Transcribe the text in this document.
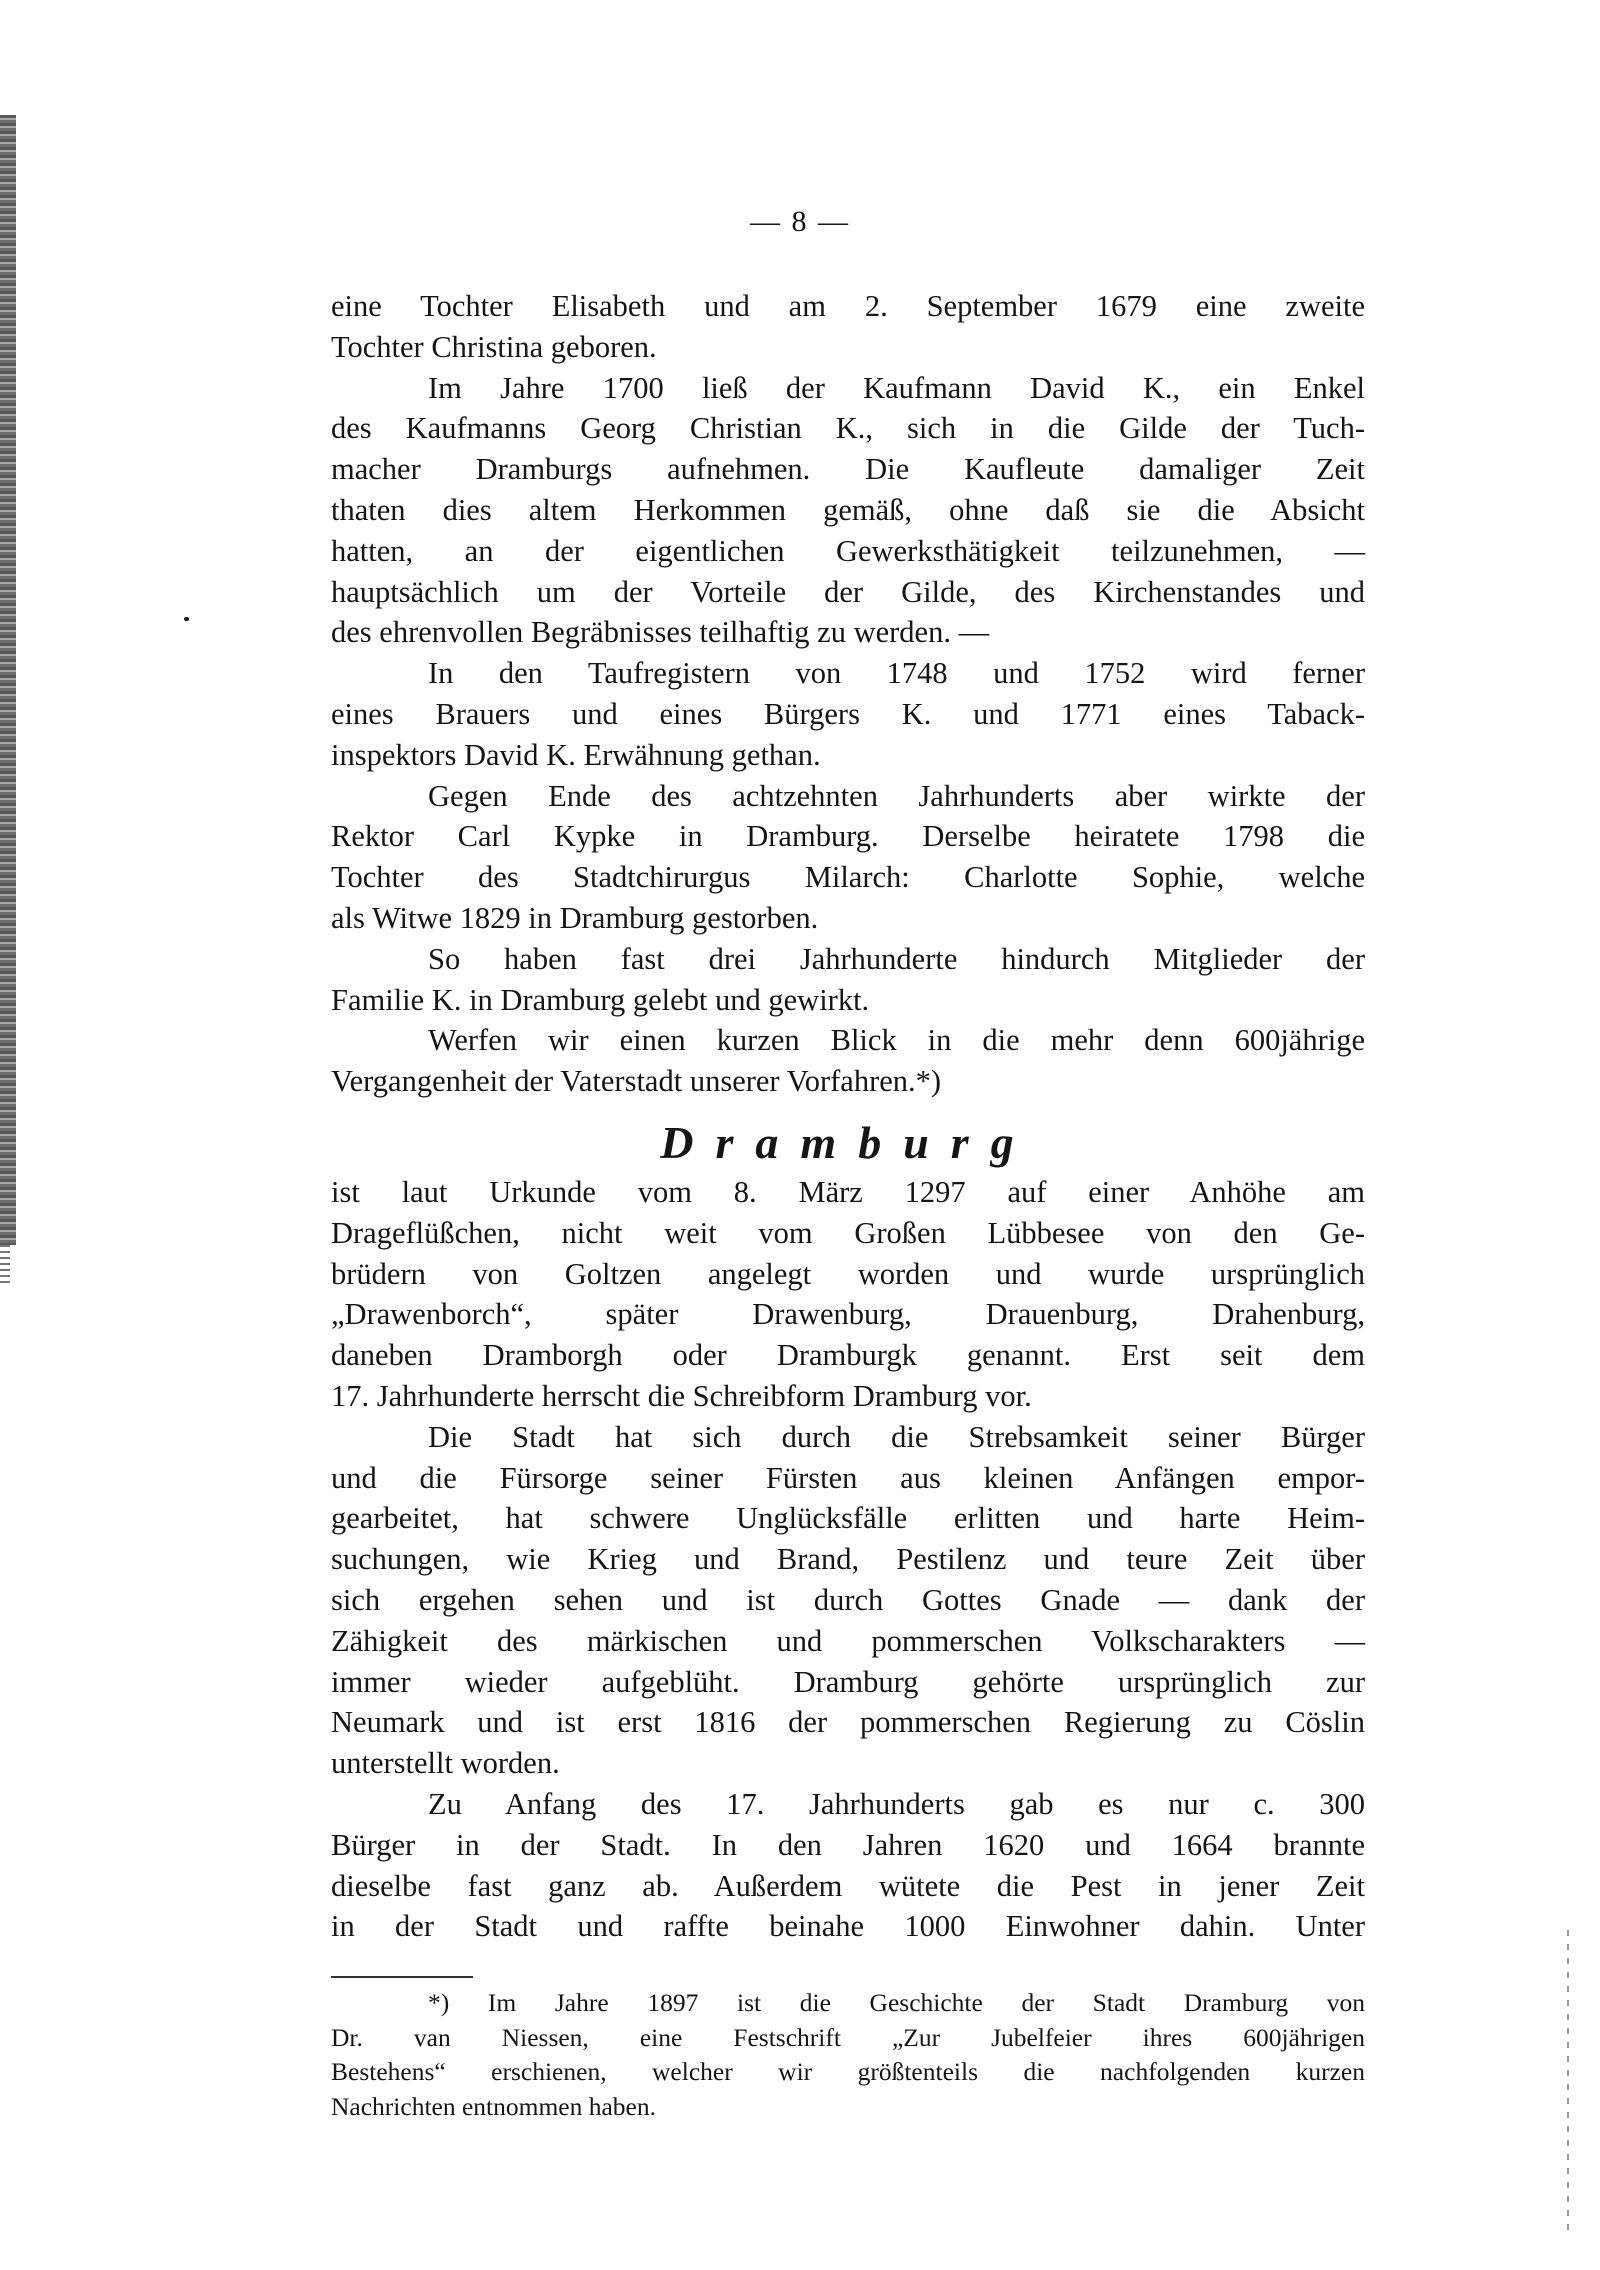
— 8 —
eine Tochter Elisabeth und am 2. September 1679 eine zweite
Tochter Christina geboren.
Im Jahre 1700 ließ der Kaufmann David K., ein Enkel
des Kaufmanns Georg Christian K., sich in die Gilde der Tuch-
macher Dramburgs aufnehmen. Die Kaufleute damaliger Zeit
thaten dies altem Herkommen gemäß, ohne daß sie die Absicht
hatten, an der eigentlichen Gewerksthätigkeit teilzunehmen, —
hauptsächlich um der Vorteile der Gilde, des Kirchenstandes und
des ehrenvollen Begräbnisses teilhaftig zu werden. —
In den Taufregistern von 1748 und 1752 wird ferner
eines Brauers und eines Bürgers K. und 1771 eines Taback-
inspektors David K. Erwähnung gethan.
Gegen Ende des achtzehnten Jahrhunderts aber wirkte der
Rektor Carl Kypke in Dramburg. Derselbe heiratete 1798 die
Tochter des Stadtchirurgus Milarch: Charlotte Sophie, welche
als Witwe 1829 in Dramburg gestorben.
So haben fast drei Jahrhunderte hindurch Mitglieder der
Familie K. in Dramburg gelebt und gewirkt.
Werfen wir einen kurzen Blick in die mehr denn 600jährige
Vergangenheit der Vaterstadt unserer Vorfahren.*)
Dramburg
ist laut Urkunde vom 8. März 1297 auf einer Anhöhe am
Drageflüßchen, nicht weit vom Großen Lübbesee von den Ge-
brüdern von Goltzen angelegt worden und wurde ursprünglich
„Drawenborch“, später Drawenburg, Drauenburg, Drahenburg,
daneben Dramborgh oder Dramburgk genannt. Erst seit dem
17. Jahrhunderte herrscht die Schreibform Dramburg vor.
Die Stadt hat sich durch die Strebsamkeit seiner Bürger
und die Fürsorge seiner Fürsten aus kleinen Anfängen empor-
gearbeitet, hat schwere Unglücksfälle erlitten und harte Heim-
suchungen, wie Krieg und Brand, Pestilenz und teure Zeit über
sich ergehen sehen und ist durch Gottes Gnade — dank der
Zähigkeit des märkischen und pommerschen Volkscharakters —
immer wieder aufgeblüht. Dramburg gehörte ursprünglich zur
Neumark und ist erst 1816 der pommerschen Regierung zu Cöslin
unterstellt worden.
Zu Anfang des 17. Jahrhunderts gab es nur c. 300
Bürger in der Stadt. In den Jahren 1620 und 1664 brannte
dieselbe fast ganz ab. Außerdem wütete die Pest in jener Zeit
in der Stadt und raffte beinahe 1000 Einwohner dahin. Unter
*) Im Jahre 1897 ist die Geschichte der Stadt Dramburg von
Dr. van Niessen, eine Festschrift „Zur Jubelfeier ihres 600jährigen
Bestehens“ erschienen, welcher wir größtenteils die nachfolgenden kurzen
Nachrichten entnommen haben.
